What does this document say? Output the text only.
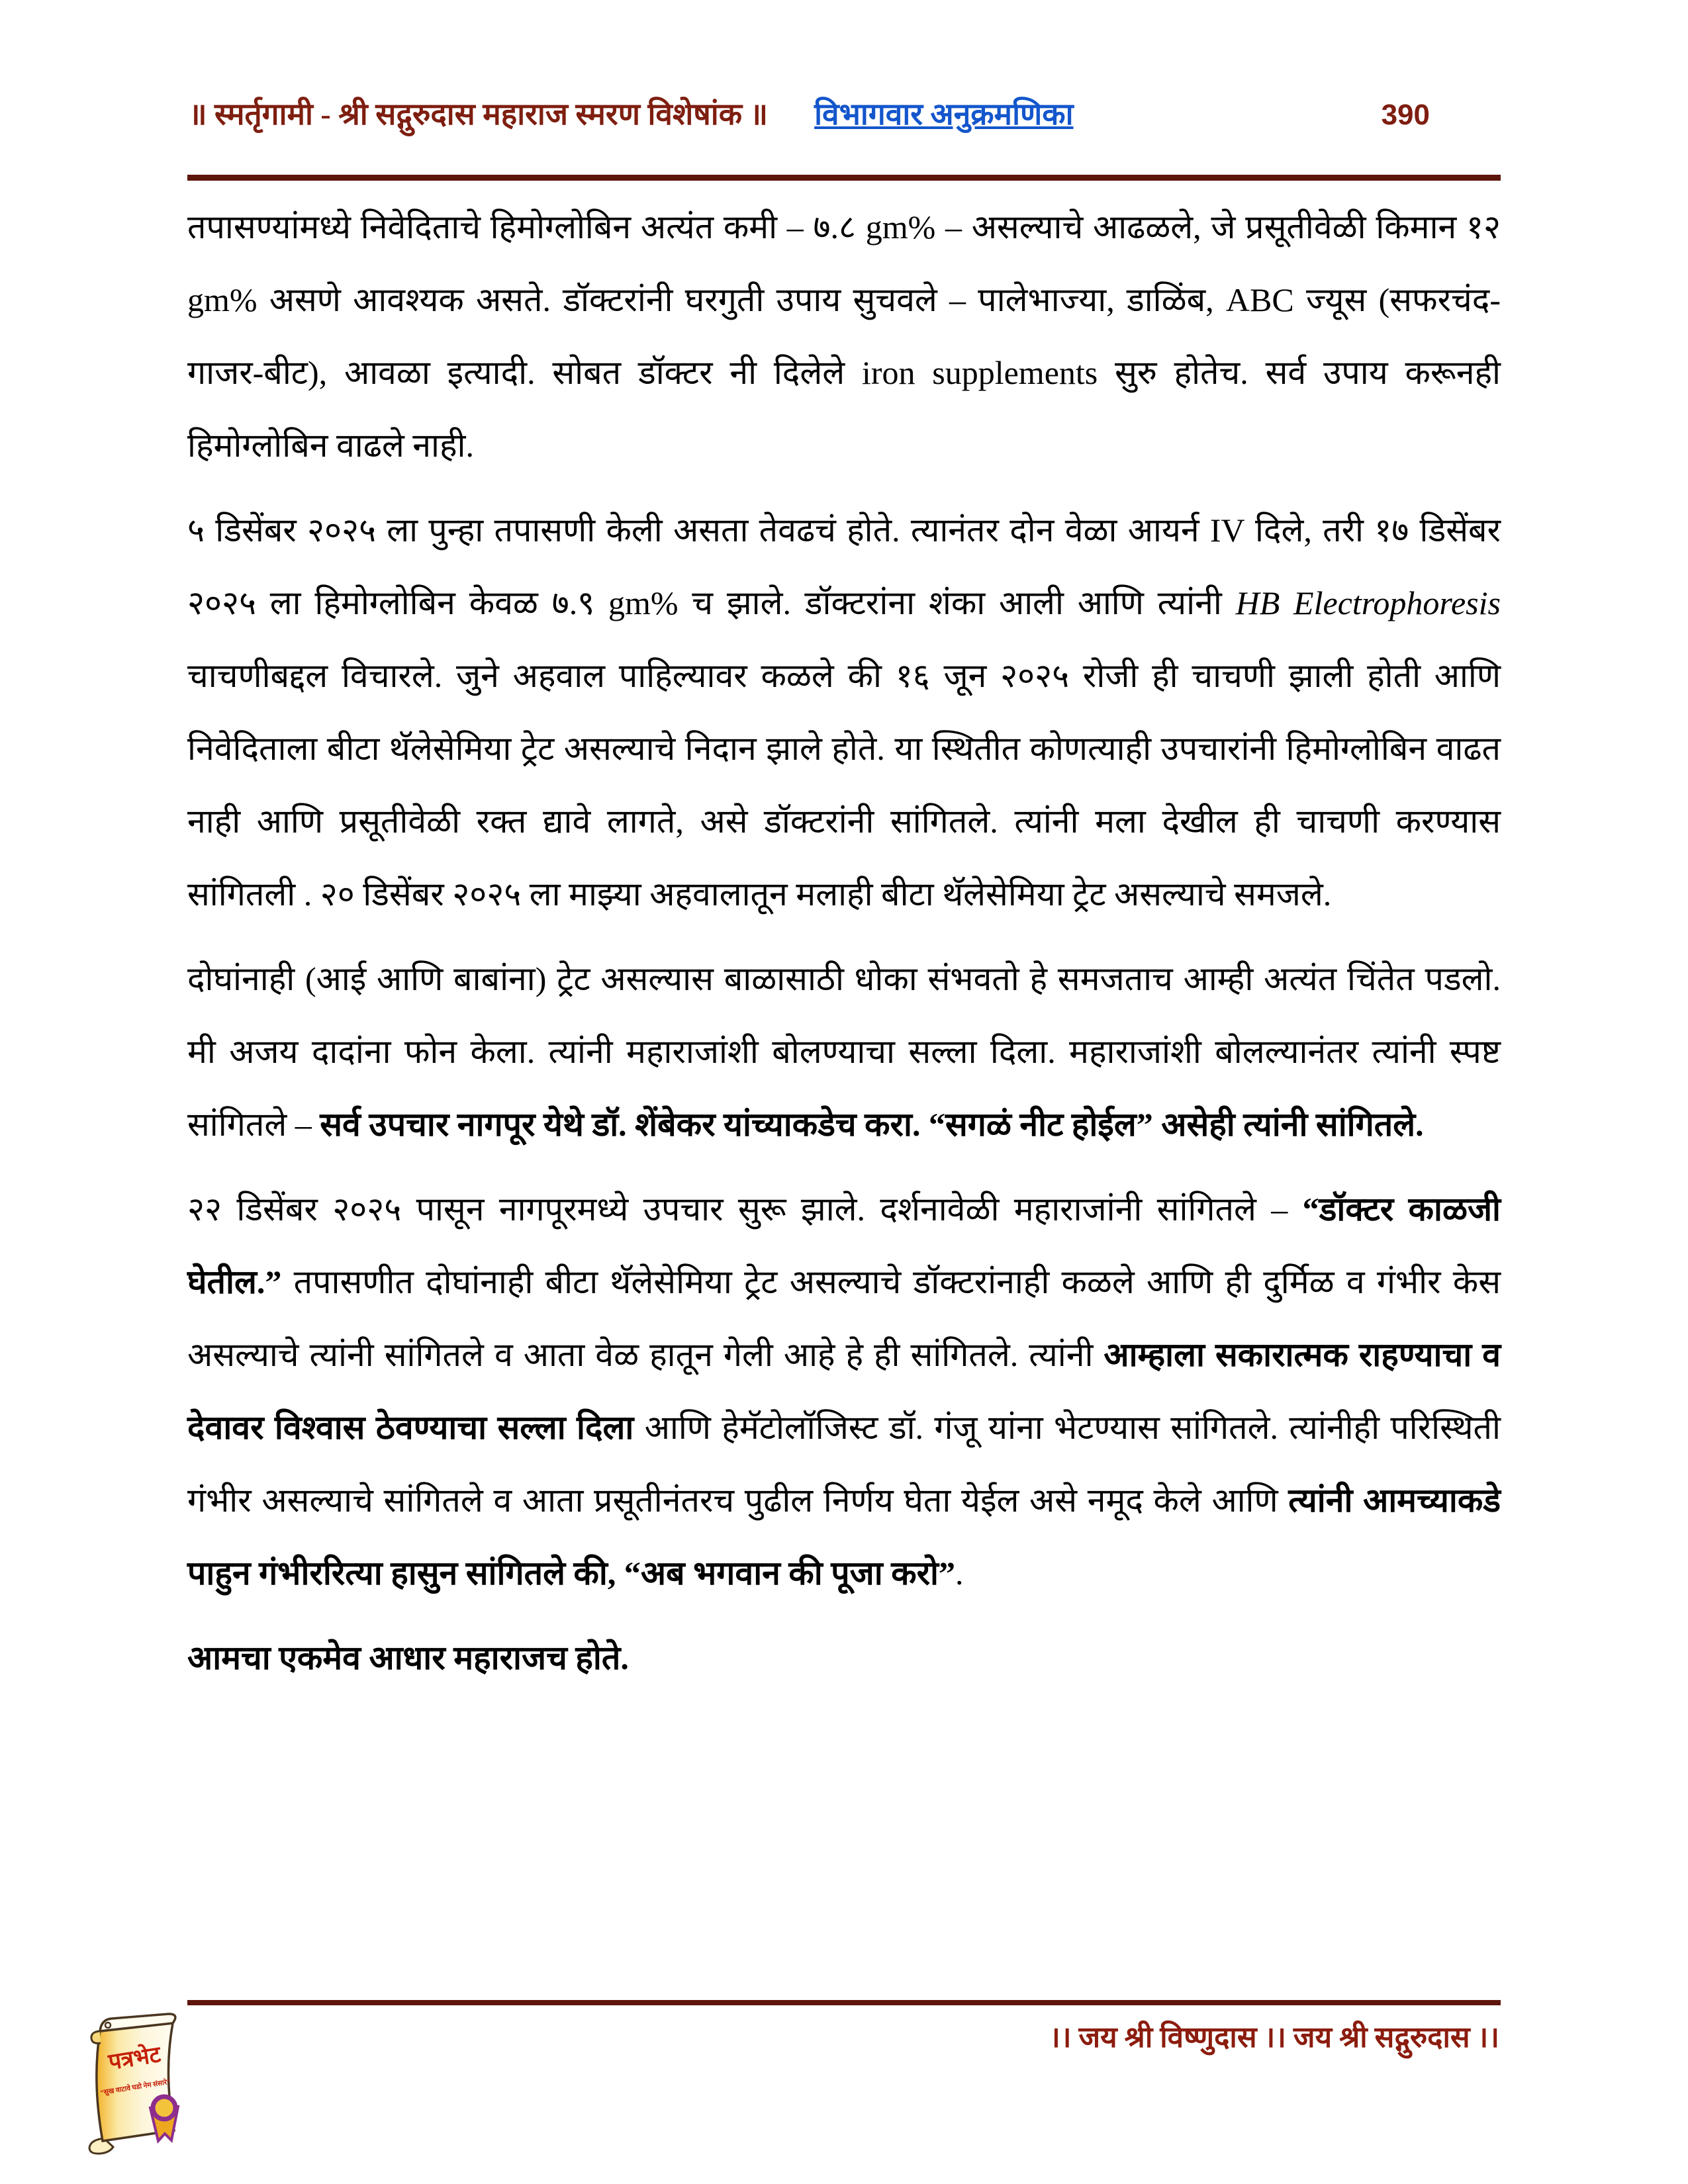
॥ स्मर्तृगामी - श्री सद्गुरुदास महाराज स्मरण विशेषांक ॥ विभागवार अनुक्रमणिका	390

तपासण्यांमध्ये निवेदिताचे हिमोग्लोबिन अत्यंत कमी – ७.८ gm% – असल्याचे आढळले, जे प्रसूतीवेळी किमान १२ gm% असणे आवश्यक असते. डॉक्टरांनी घरगुती उपाय सुचवले – पालेभाज्या, डाळिंब, ABC ज्यूस (सफरचंद-गाजर-बीट), आवळा इत्यादी. सोबत डॉक्टर नी दिलेले iron supplements सुरु होतेच. सर्व उपाय करूनही हिमोग्लोबिन वाढले नाही.

५ डिसेंबर २०२५ ला पुन्हा तपासणी केली असता तेवढचं होते. त्यानंतर दोन वेळा आयर्न IV दिले, तरी १७ डिसेंबर २०२५ ला हिमोग्लोबिन केवळ ७.९ gm% च झाले. डॉक्टरांना शंका आली आणि त्यांनी HB Electrophoresis चाचणीबद्दल विचारले. जुने अहवाल पाहिल्यावर कळले की १६ जून २०२५ रोजी ही चाचणी झाली होती आणि निवेदिताला बीटा थॅलेसेमिया ट्रेट असल्याचे निदान झाले होते. या स्थितीत कोणत्याही उपचारांनी हिमोग्लोबिन वाढत नाही आणि प्रसूतीवेळी रक्त द्यावे लागते, असे डॉक्टरांनी सांगितले. त्यांनी मला देखील ही चाचणी करण्यास सांगितली . २० डिसेंबर २०२५ ला माझ्या अहवालातून मलाही बीटा थॅलेसेमिया ट्रेट असल्याचे समजले.

दोघांनाही (आई आणि बाबांना) ट्रेट असल्यास बाळासाठी धोका संभवतो हे समजताच आम्ही अत्यंत चिंतेत पडलो. मी अजय दादांना फोन केला. त्यांनी महाराजांशी बोलण्याचा सल्ला दिला. महाराजांशी बोलल्यानंतर त्यांनी स्पष्ट सांगितले – सर्व उपचार नागपूर येथे डॉ. शेंबेकर यांच्याकडेच करा. “सगळं नीट होईल” असेही त्यांनी सांगितले.

२२ डिसेंबर २०२५ पासून नागपूरमध्ये उपचार सुरू झाले. दर्शनावेळी महाराजांनी सांगितले – “डॉक्टर काळजी घेतील.” तपासणीत दोघांनाही बीटा थॅलेसेमिया ट्रेट असल्याचे डॉक्टरांनाही कळले आणि ही दुर्मिळ व गंभीर केस असल्याचे त्यांनी सांगितले व आता वेळ हातून गेली आहे हे ही सांगितले. त्यांनी आम्हाला सकारात्मक राहण्याचा व देवावर विश्वास ठेवण्याचा सल्ला दिला आणि हेमॅटोलॉजिस्ट डॉ. गंजू यांना भेटण्यास सांगितले. त्यांनीही परिस्थिती गंभीर असल्याचे सांगितले व आता प्रसूतीनंतरच पुढील निर्णय घेता येईल असे नमूद केले आणि त्यांनी आमच्याकडे पाहुन गंभीररित्या हासुन सांगितले की, “अब भगवान की पूजा करो”.

आमचा एकमेव आधार महाराजच होते.

।। जय श्री विष्णुदास ।। जय श्री सद्गुरुदास ।।
पत्रभेट
“सुख वाटावे घडो नेम संसारे”
